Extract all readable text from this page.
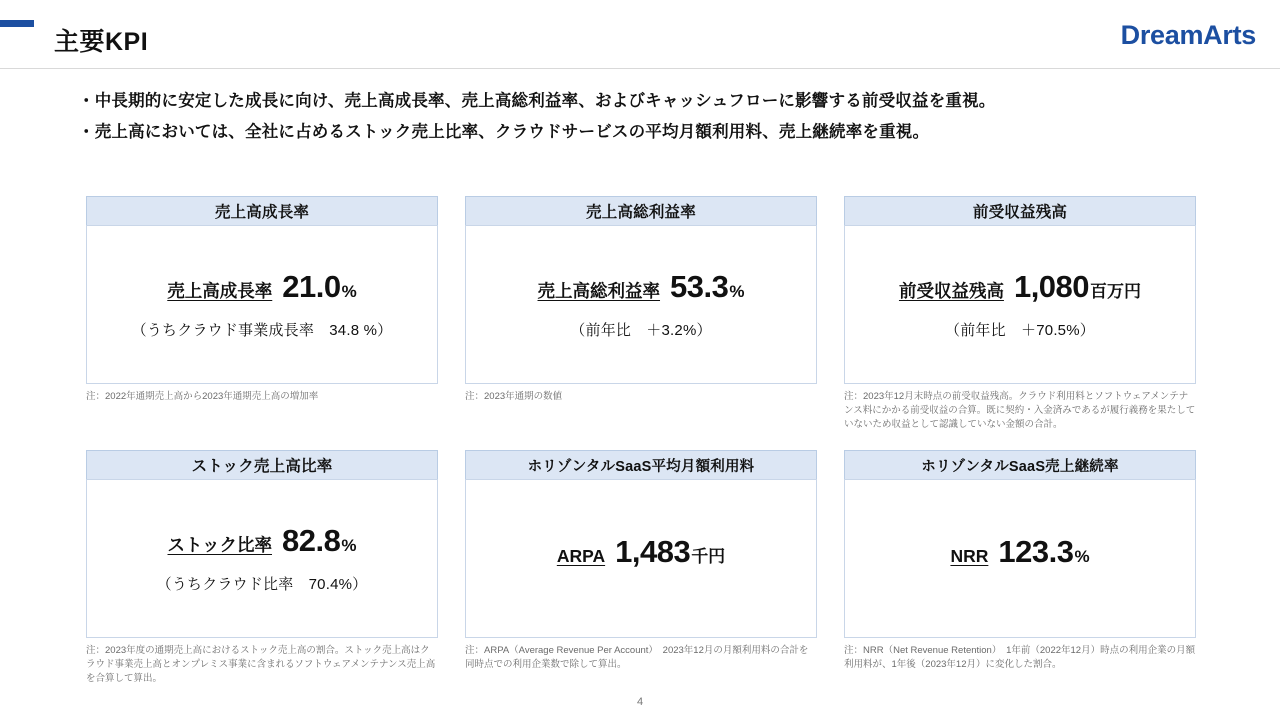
主要KPI	DreamArts
・中長期的に安定した成長に向け、売上高成長率、売上高総利益率、およびキャッシュフローに影響する前受収益を重視。
・売上高においては、全社に占めるストック売上比率、クラウドサービスの平均月額利用料、売上継続率を重視。
売上高成長率
売上高成長率 21.0 %
（うちクラウド事業成長率　34.8 %）
注：2022年通期売上高から2023年通期売上高の増加率
売上高総利益率
売上高総利益率 53.3 %
（前年比　＋3.2%）
注：2023年通期の数値
前受収益残高
前受収益残高 1,080 百万円
（前年比　＋70.5%）
注：2023年12月末時点の前受収益残高。クラウド利用料とソフトウェアメンテナンス料にかかる前受収益の合算。既に契約・入金済みであるが履行義務を果たしていないため収益として認識していない金額の合計。
ストック売上高比率
ストック比率 82.8 %
（うちクラウド比率　70.4%）
注：2023年度の通期売上高におけるストック売上高の割合。ストック売上高はクラウド事業売上高とオンプレミス事業に含まれるソフトウェアメンテナンス売上高を合算して算出。
ホリゾンタルSaaS平均月額利用料
ARPA 1,483 千円
注：ARPA（Average Revenue Per Account）　2023年12月の月額利用料の合計を同時点での利用企業数で除して算出。
ホリゾンタルSaaS売上継続率
NRR 123.3 %
注：NRR（Net Revenue Retention）　1年前（2022年12月）時点の利用企業の月額利用料が、1年後（2023年12月）に変化した割合。
4
